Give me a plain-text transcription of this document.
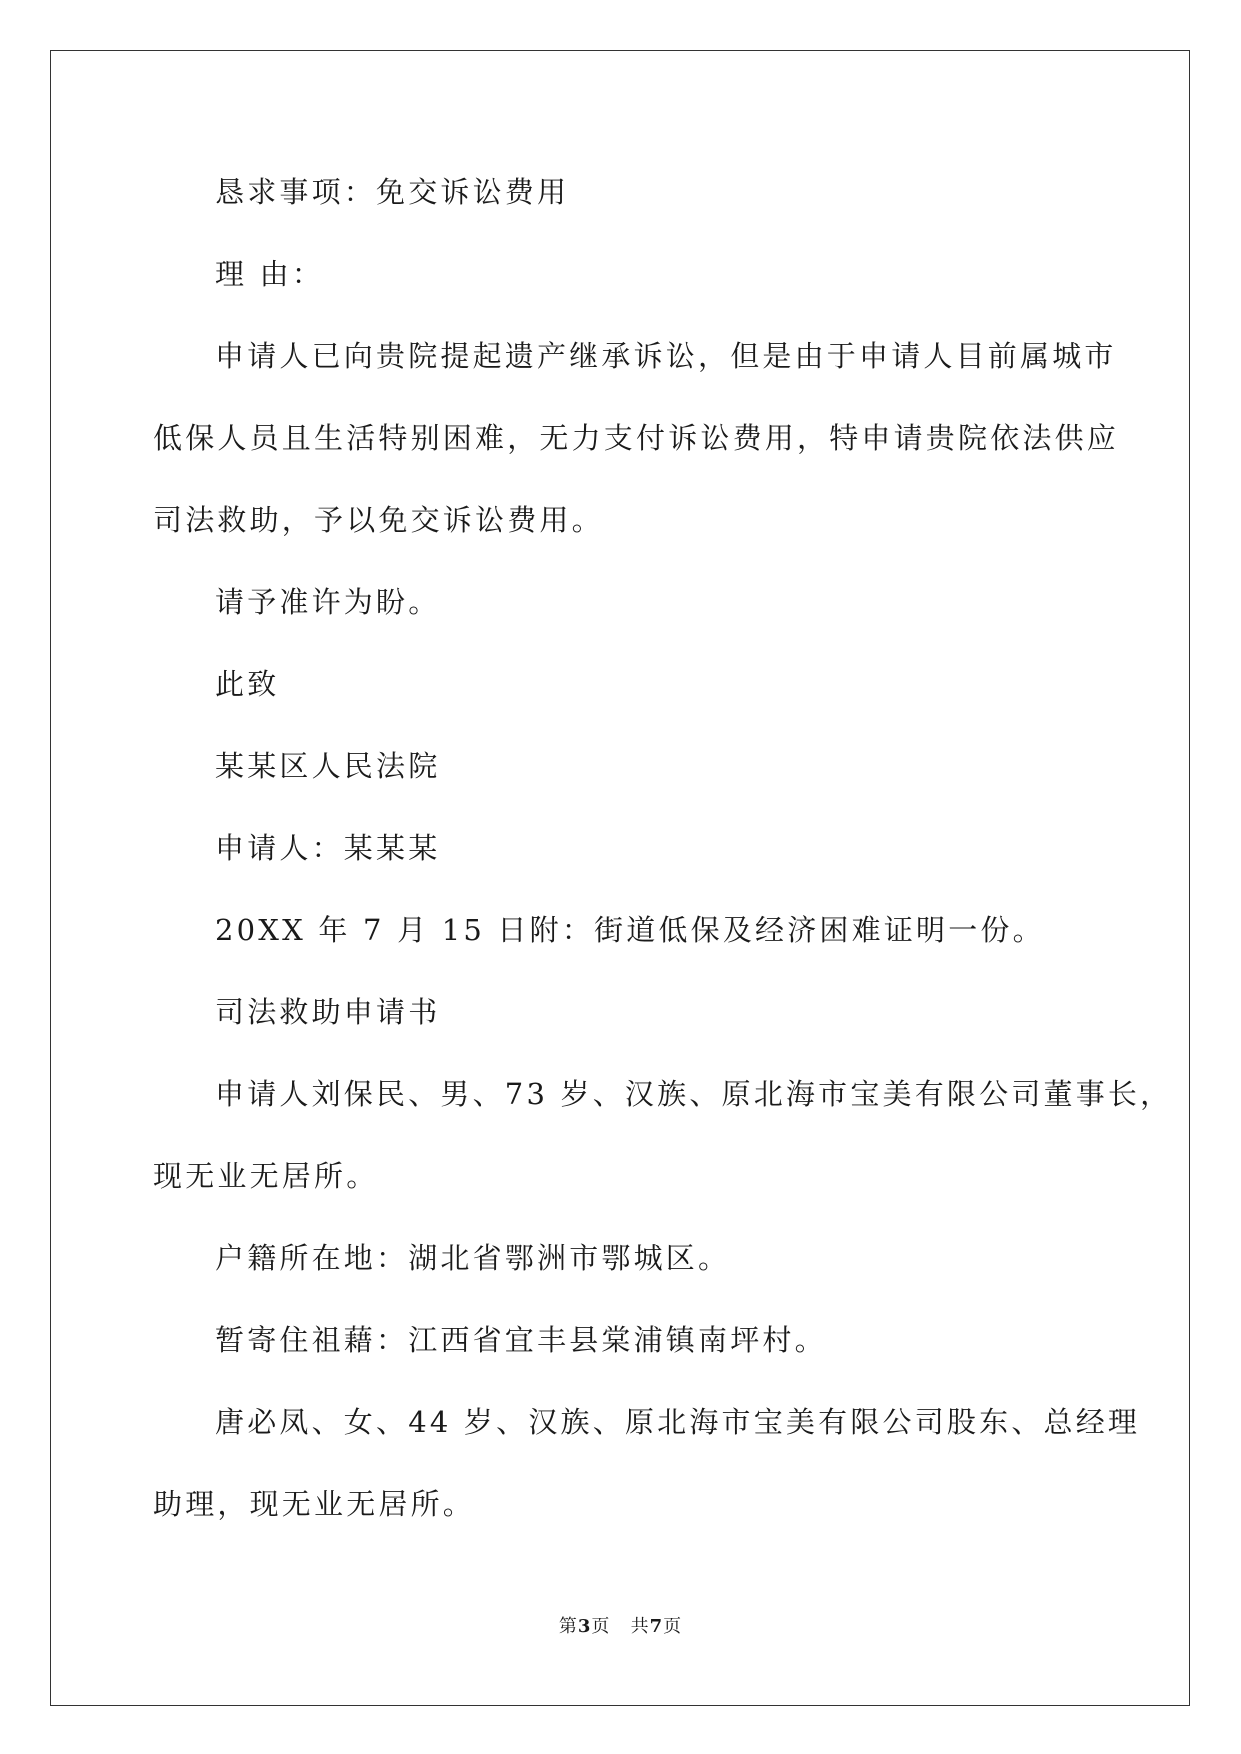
恳求事项：免交诉讼费用
理 由：
申请人已向贵院提起遗产继承诉讼，但是由于申请人目前属城市
低保人员且生活特别困难，无力支付诉讼费用，特申请贵院依法供应
司法救助，予以免交诉讼费用。
请予准许为盼。
此致
某某区人民法院
申请人：某某某
20XX 年 7 月 15 日附：街道低保及经济困难证明一份。
司法救助申请书
申请人刘保民、男、73 岁、汉族、原北海市宝美有限公司董事长，
现无业无居所。
户籍所在地：湖北省鄂洲市鄂城区。
暂寄住祖藉：江西省宜丰县棠浦镇南坪村。
唐必凤、女、44 岁、汉族、原北海市宝美有限公司股东、总经理
助理，现无业无居所。
第3页   共7页
